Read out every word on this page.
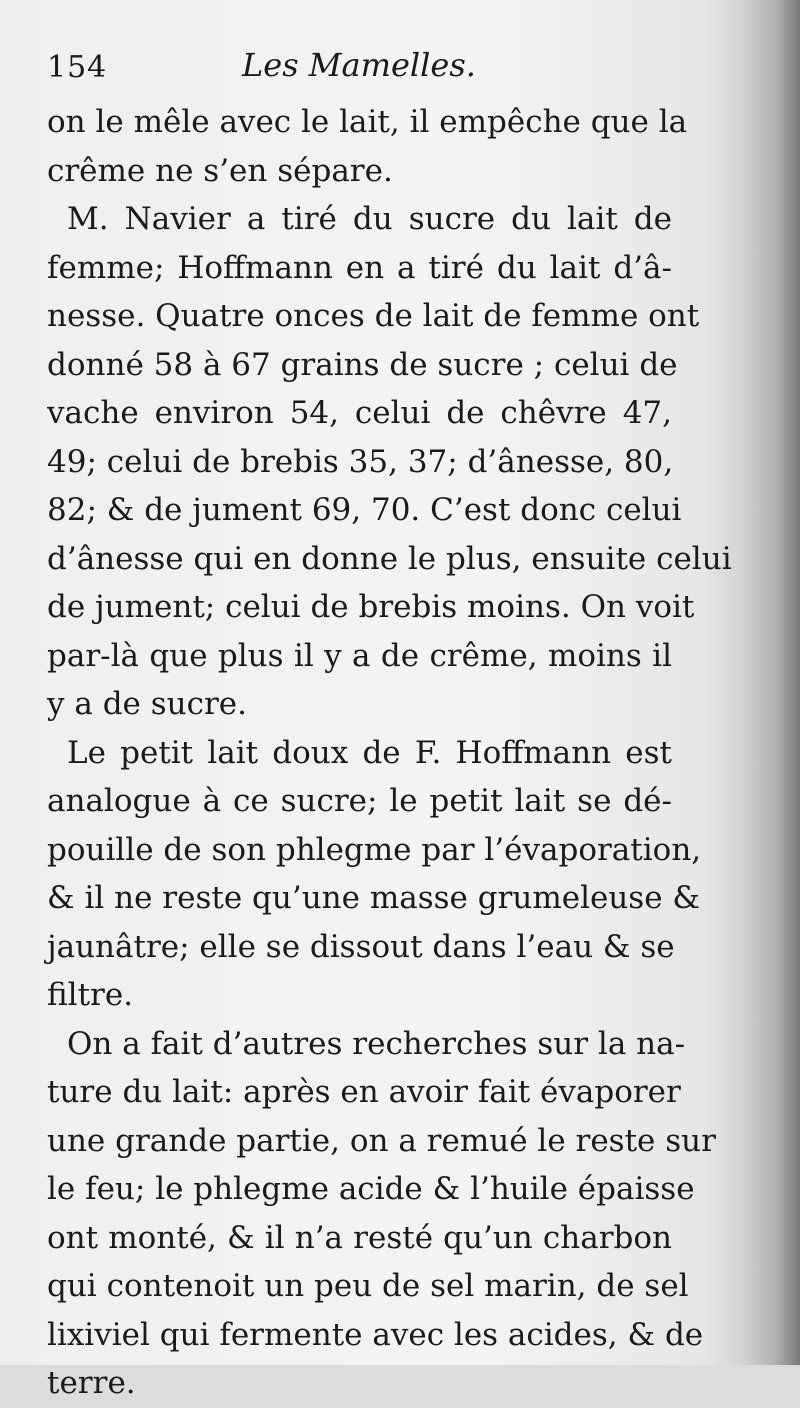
154	Les Mamelles.
on le mêle avec le lait, il empêche que la
crême ne s’en sépare.
M. Navier a tiré du sucre du lait de
femme; Hoffmann en a tiré du lait d’â-
nesse. Quatre onces de lait de femme ont
donné 58 à 67 grains de sucre ; celui de
vache environ 54, celui de chêvre 47,
49; celui de brebis 35, 37; d’ânesse, 80,
82; & de jument 69, 70. C’est donc celui
d’ânesse qui en donne le plus, ensuite celui
de jument; celui de brebis moins. On voit
par-là que plus il y a de crême, moins il
y a de sucre.
Le petit lait doux de F. Hoffmann est
analogue à ce sucre; le petit lait se dé-
pouille de son phlegme par l’évaporation,
& il ne reste qu’une masse grumeleuse &
jaunâtre; elle se dissout dans l’eau & se
filtre.
On a fait d’autres recherches sur la na-
ture du lait: après en avoir fait évaporer
une grande partie, on a remué le reste sur
le feu; le phlegme acide & l’huile épaisse
ont monté, & il n’a resté qu’un charbon
qui contenoit un peu de sel marin, de sel
lixiviel qui fermente avec les acides, & de
terre.
